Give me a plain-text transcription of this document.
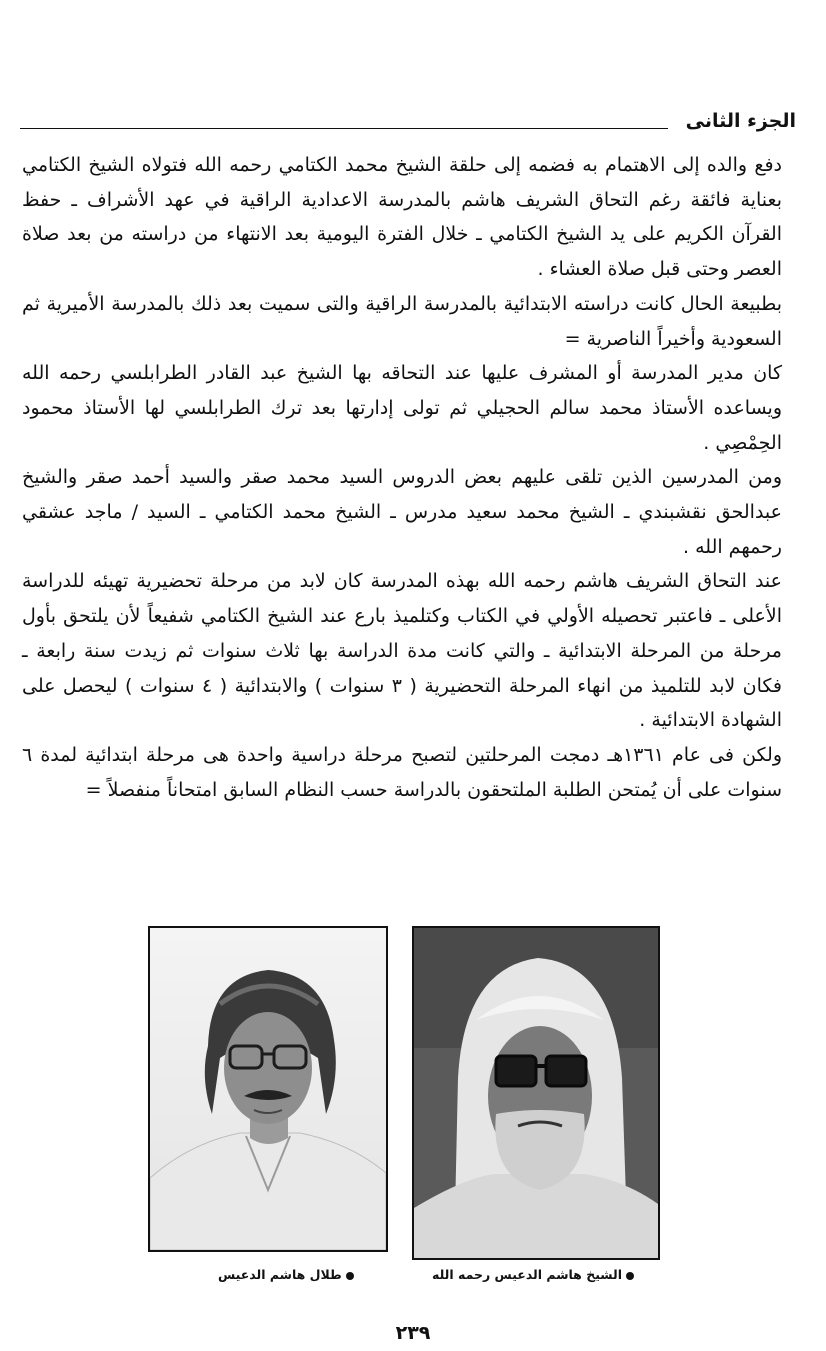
الجزء الثانى

دفع والده إلى الاهتمام به فضمه إلى حلقة الشيخ محمد الكتامي رحمه الله فتولاه الشيخ الكتامي بعناية فائقة رغم التحاق الشريف هاشم بالمدرسة الاعدادية الراقية في عهد الأشراف ـ حفظ القرآن الكريم على يد الشيخ الكتامي ـ خلال الفترة اليومية بعد الانتهاء من دراسته من بعد صلاة العصر وحتى قبل صلاة العشاء .

بطبيعة الحال كانت دراسته الابتدائية بالمدرسة الراقية والتى سميت بعد ذلك بالمدرسة الأميرية ثم السعودية وأخيراً الناصرية =

كان مدير المدرسة أو المشرف عليها عند التحاقه بها الشيخ عبد القادر الطرابلسي رحمه الله ويساعده الأستاذ محمد سالم الحجيلي ثم تولى إدارتها بعد ترك الطرابلسي لها الأستاذ محمود الحِمْصِي .

ومن المدرسين الذين تلقى عليهم بعض الدروس السيد محمد صقر والسيد أحمد صقر والشيخ عبدالحق نقشبندي ـ الشيخ محمد سعيد مدرس ـ الشيخ محمد الكتامي ـ السيد / ماجد عشقي رحمهم الله .

عند التحاق الشريف هاشم رحمه الله بهذه المدرسة كان لابد من مرحلة تحضيرية تهيئه للدراسة الأعلى ـ فاعتبر تحصيله الأولي في الكتاب وكتلميذ بارع عند الشيخ الكتامي شفيعاً لأن يلتحق بأول مرحلة من المرحلة الابتدائية ـ والتي كانت مدة الدراسة بها ثلاث سنوات ثم زيدت سنة رابعة ـ فكان لابد للتلميذ من انهاء المرحلة التحضيرية ( ٣ سنوات ) والابتدائية ( ٤ سنوات ) ليحصل على الشهادة الابتدائية .

ولكن فى عام ١٣٦١هـ دمجت المرحلتين لتصبح مرحلة دراسية واحدة هى مرحلة ابتدائية لمدة ٦ سنوات على أن يُمتحن الطلبة الملتحقون بالدراسة حسب النظام السابق امتحاناً منفصلاً =

طلال هاشم الدعيس	الشيخ هاشم الدعيس رحمه الله
٢٣٩
